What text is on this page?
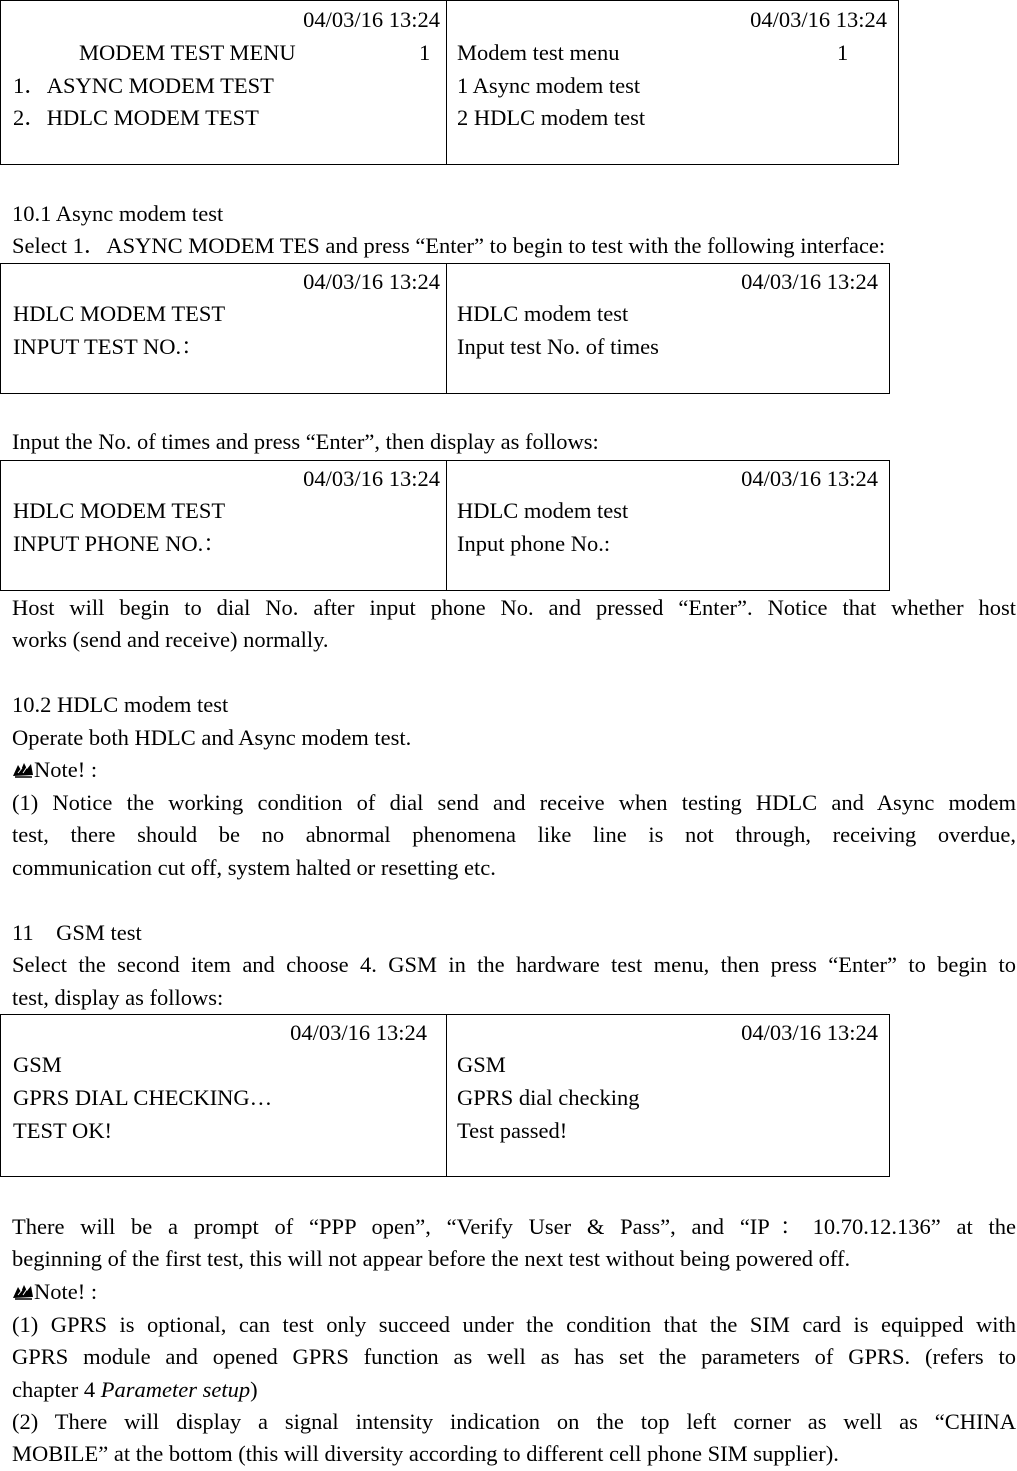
04/03/16 13:24
MODEM TEST MENU	1
1．ASYNC MODEM TEST
2．HDLC MODEM TEST
04/03/16 13:24
Modem test menu	1
1 Async modem test
2 HDLC modem test
10.1 Async modem test
Select 1．ASYNC MODEM TES and press “Enter” to begin to test with the following interface:
04/03/16 13:24
HDLC MODEM TEST
INPUT TEST NO.：
04/03/16 13:24
HDLC modem test
Input test No. of times
Input the No. of times and press “Enter”, then display as follows:
04/03/16 13:24
HDLC MODEM TEST
INPUT PHONE NO.：
04/03/16 13:24
HDLC modem test
Input phone No.:
Host will begin to dial No. after input phone No. and pressed “Enter”. Notice that whether host
works (send and receive) normally.
10.2 HDLC modem test
Operate both HDLC and Async modem test.
Note! :
(1) Notice the working condition of dial send and receive when testing HDLC and Async modem
test, there should be no abnormal phenomena like line is not through, receiving overdue,
communication cut off, system halted or resetting etc.
11　GSM test
Select the second item and choose 4. GSM in the hardware test menu, then press “Enter” to begin to
test, display as follows:
04/03/16 13:24
GSM
GPRS DIAL CHECKING…
TEST OK!
04/03/16 13:24
GSM
GPRS dial checking
Test passed!
There will be a prompt of “PPP open”, “Verify User & Pass”, and “IP：10.70.12.136” at the
beginning of the first test, this will not appear before the next test without being powered off.
Note! :
(1) GPRS is optional, can test only succeed under the condition that the SIM card is equipped with
GPRS module and opened GPRS function as well as has set the parameters of GPRS. (refers to
chapter 4 Parameter setup)
(2) There will display a signal intensity indication on the top left corner as well as “CHINA
MOBILE” at the bottom (this will diversity according to different cell phone SIM supplier).
